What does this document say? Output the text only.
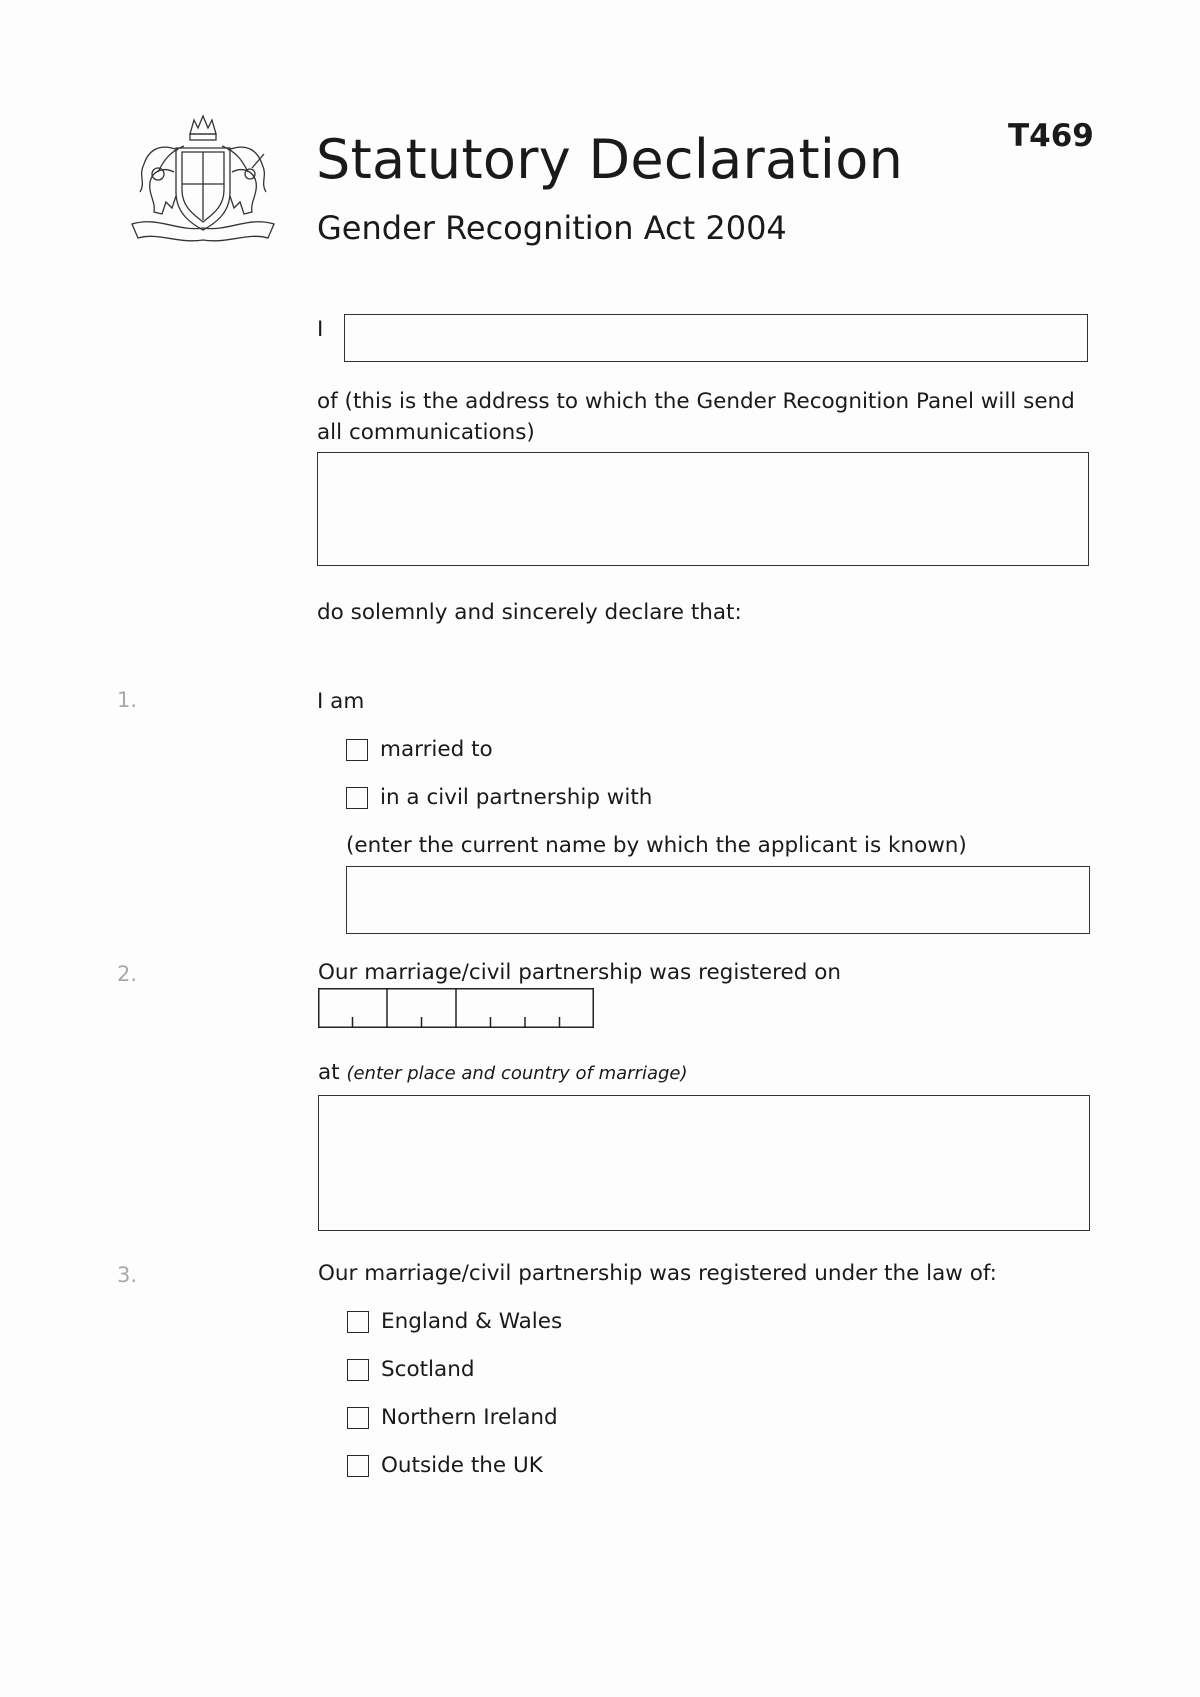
Statutory Declaration
Gender Recognition Act 2004
T469
I
of (this is the address to which the Gender Recognition Panel will send all communications)
do solemnly and sincerely declare that:
1.	I am
married to
in a civil partnership with
(enter the current name by which the applicant is known)
2.	Our marriage/civil partnership was registered on
at (enter place and country of marriage)
3.	Our marriage/civil partnership was registered under the law of:
England & Wales
Scotland
Northern Ireland
Outside the UK
